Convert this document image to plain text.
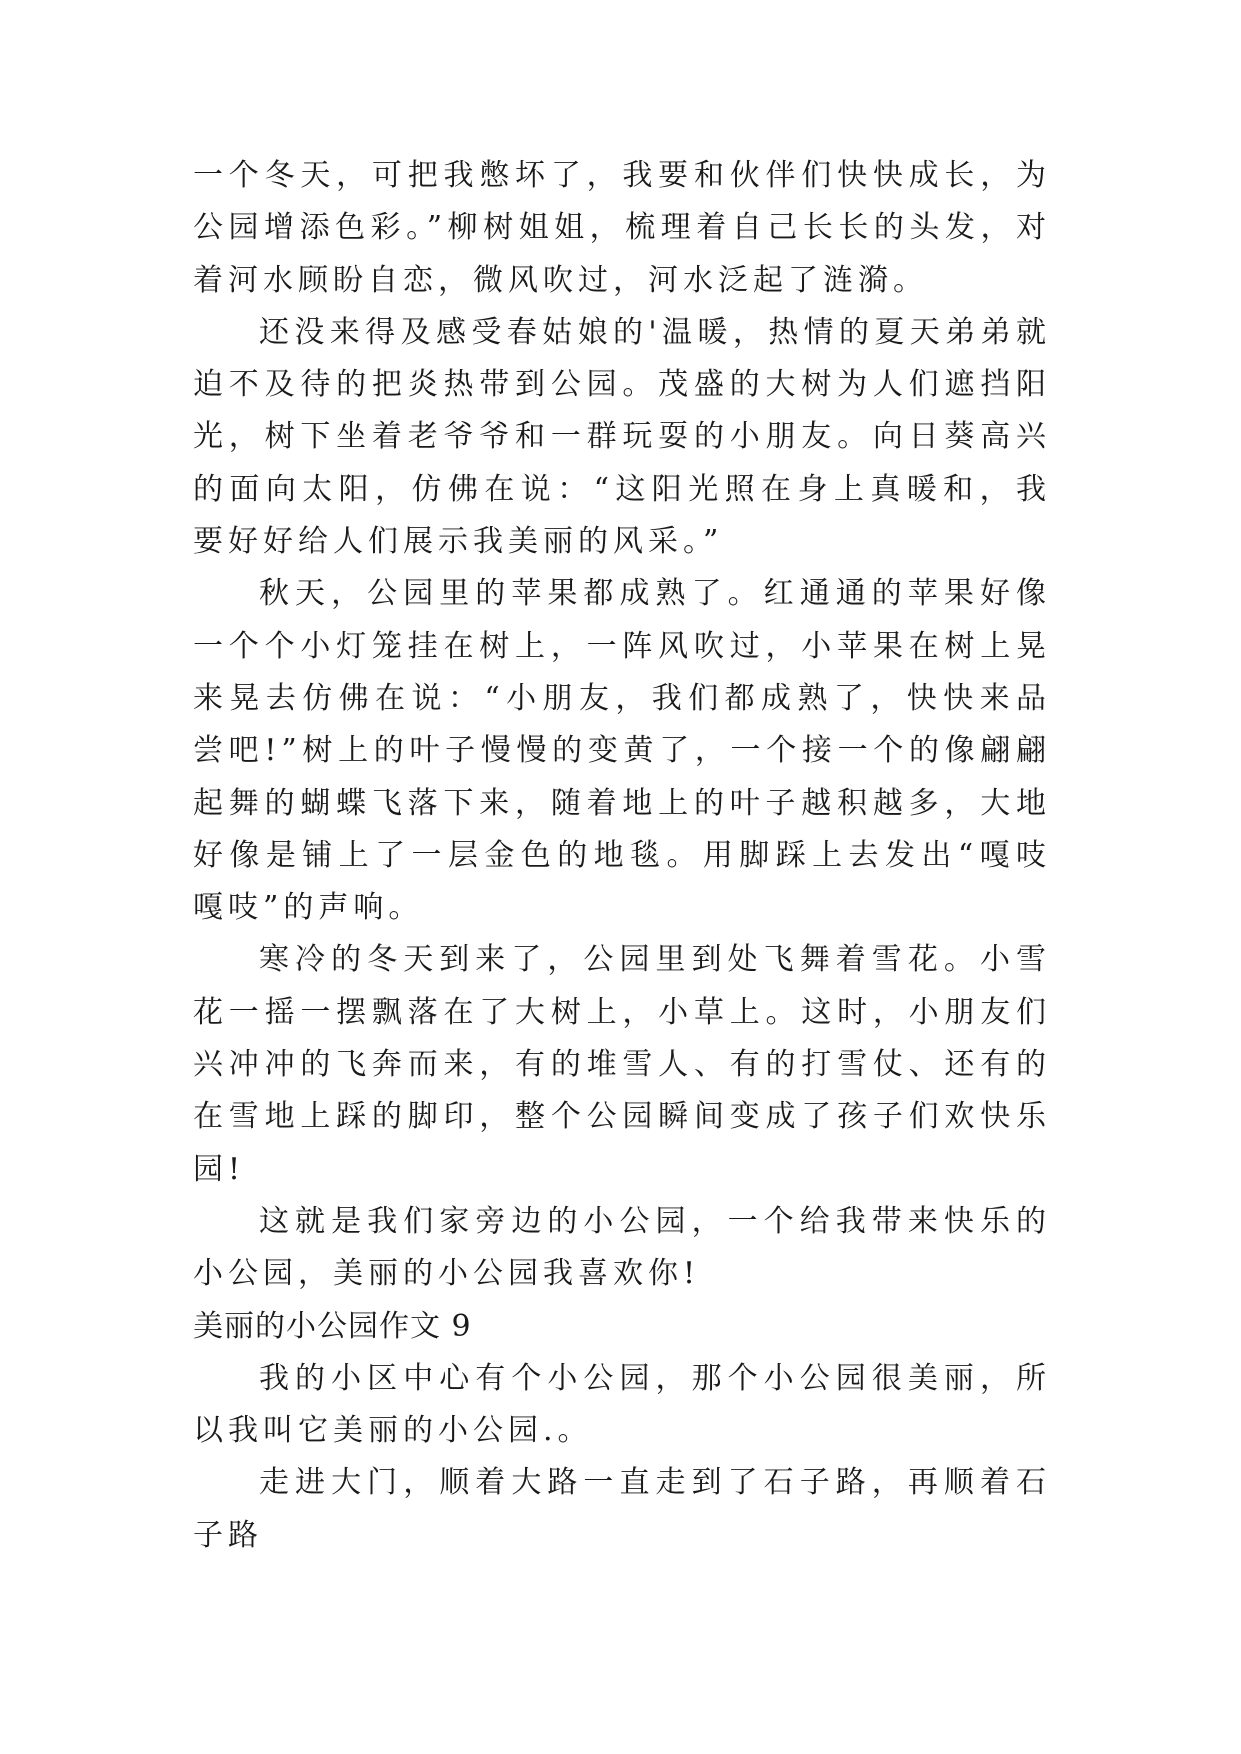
一个冬天，可把我憋坏了，我要和伙伴们快快成长，为公园增添色彩。”柳树姐姐，梳理着自己长长的头发，对着河水顾盼自恋，微风吹过，河水泛起了涟漪。

还没来得及感受春姑娘的'温暖，热情的夏天弟弟就迫不及待的把炎热带到公园。茂盛的大树为人们遮挡阳光，树下坐着老爷爷和一群玩耍的小朋友。向日葵高兴的面向太阳，仿佛在说：“这阳光照在身上真暖和，我要好好给人们展示我美丽的风采。”

秋天，公园里的苹果都成熟了。红通通的苹果好像一个个小灯笼挂在树上，一阵风吹过，小苹果在树上晃来晃去仿佛在说：“小朋友，我们都成熟了，快快来品尝吧!”树上的叶子慢慢的变黄了，一个接一个的像翩翩起舞的蝴蝶飞落下来，随着地上的叶子越积越多，大地好像是铺上了一层金色的地毯。用脚踩上去发出“嘎吱嘎吱”的声响。

寒冷的冬天到来了，公园里到处飞舞着雪花。小雪花一摇一摆飘落在了大树上，小草上。这时，小朋友们兴冲冲的飞奔而来，有的堆雪人、有的打雪仗、还有的在雪地上踩的脚印，整个公园瞬间变成了孩子们欢快乐园!

这就是我们家旁边的小公园，一个给我带来快乐的小公园，美丽的小公园我喜欢你!

美丽的小公园作文 9

我的小区中心有个小公园，那个小公园很美丽，所以我叫它美丽的小公园.。

走进大门，顺着大路一直走到了石子路，再顺着石子路
